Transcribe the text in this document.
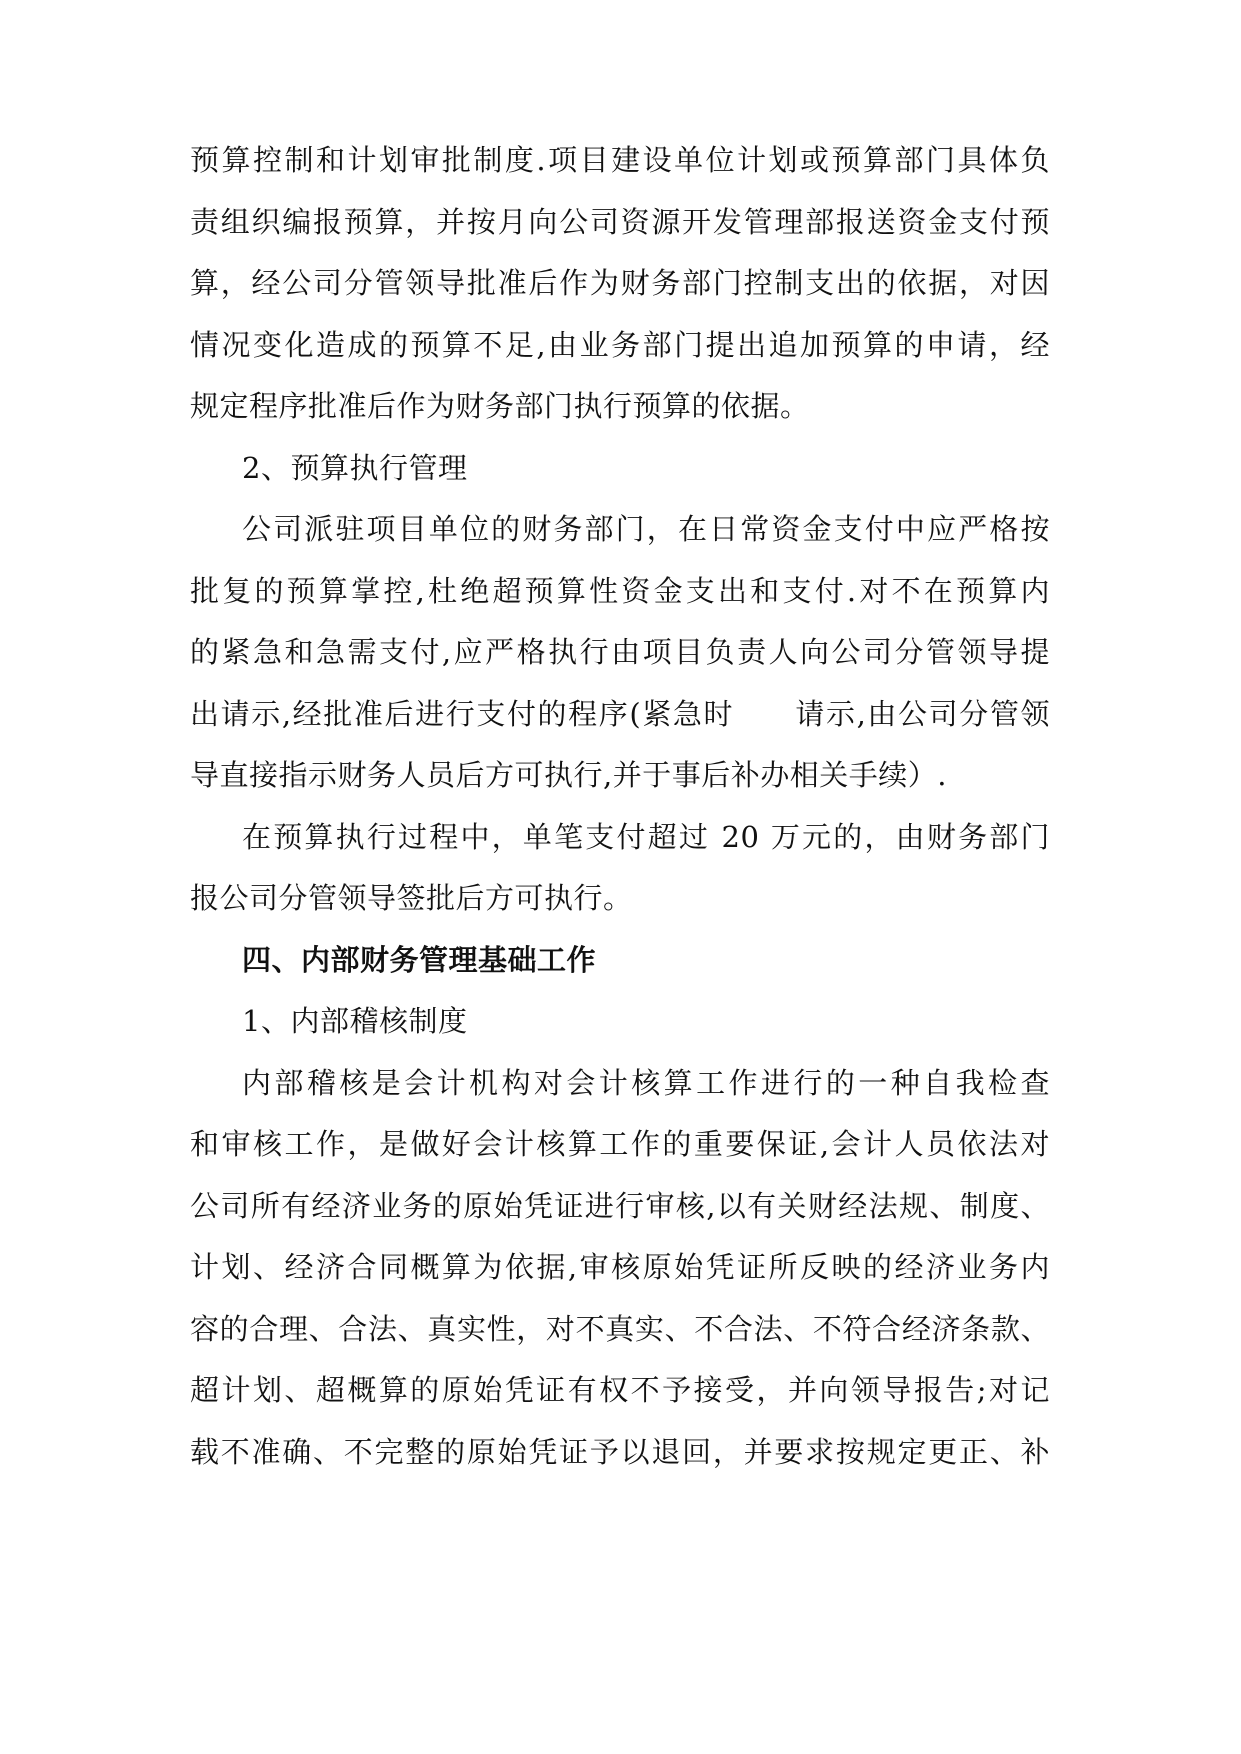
预算控制和计划审批制度.项目建设单位计划或预算部门具体负
责组织编报预算，并按月向公司资源开发管理部报送资金支付预
算，经公司分管领导批准后作为财务部门控制支出的依据，对因
情况变化造成的预算不足,由业务部门提出追加预算的申请，经
规定程序批准后作为财务部门执行预算的依据。
2、预算执行管理
公司派驻项目单位的财务部门，在日常资金支付中应严格按
批复的预算掌控,杜绝超预算性资金支出和支付.对不在预算内
的紧急和急需支付,应严格执行由项目负责人向公司分管领导提
出请示,经批准后进行支付的程序(紧急时　　请示,由公司分管领
导直接指示财务人员后方可执行,并于事后补办相关手续）.
在预算执行过程中，单笔支付超过 20 万元的，由财务部门
报公司分管领导签批后方可执行。
四、内部财务管理基础工作
1、内部稽核制度
内部稽核是会计机构对会计核算工作进行的一种自我检查
和审核工作，是做好会计核算工作的重要保证,会计人员依法对
公司所有经济业务的原始凭证进行审核,以有关财经法规、制度、
计划、经济合同概算为依据,审核原始凭证所反映的经济业务内
容的合理、合法、真实性，对不真实、不合法、不符合经济条款、
超计划、超概算的原始凭证有权不予接受，并向领导报告;对记
载不准确、不完整的原始凭证予以退回，并要求按规定更正、补
